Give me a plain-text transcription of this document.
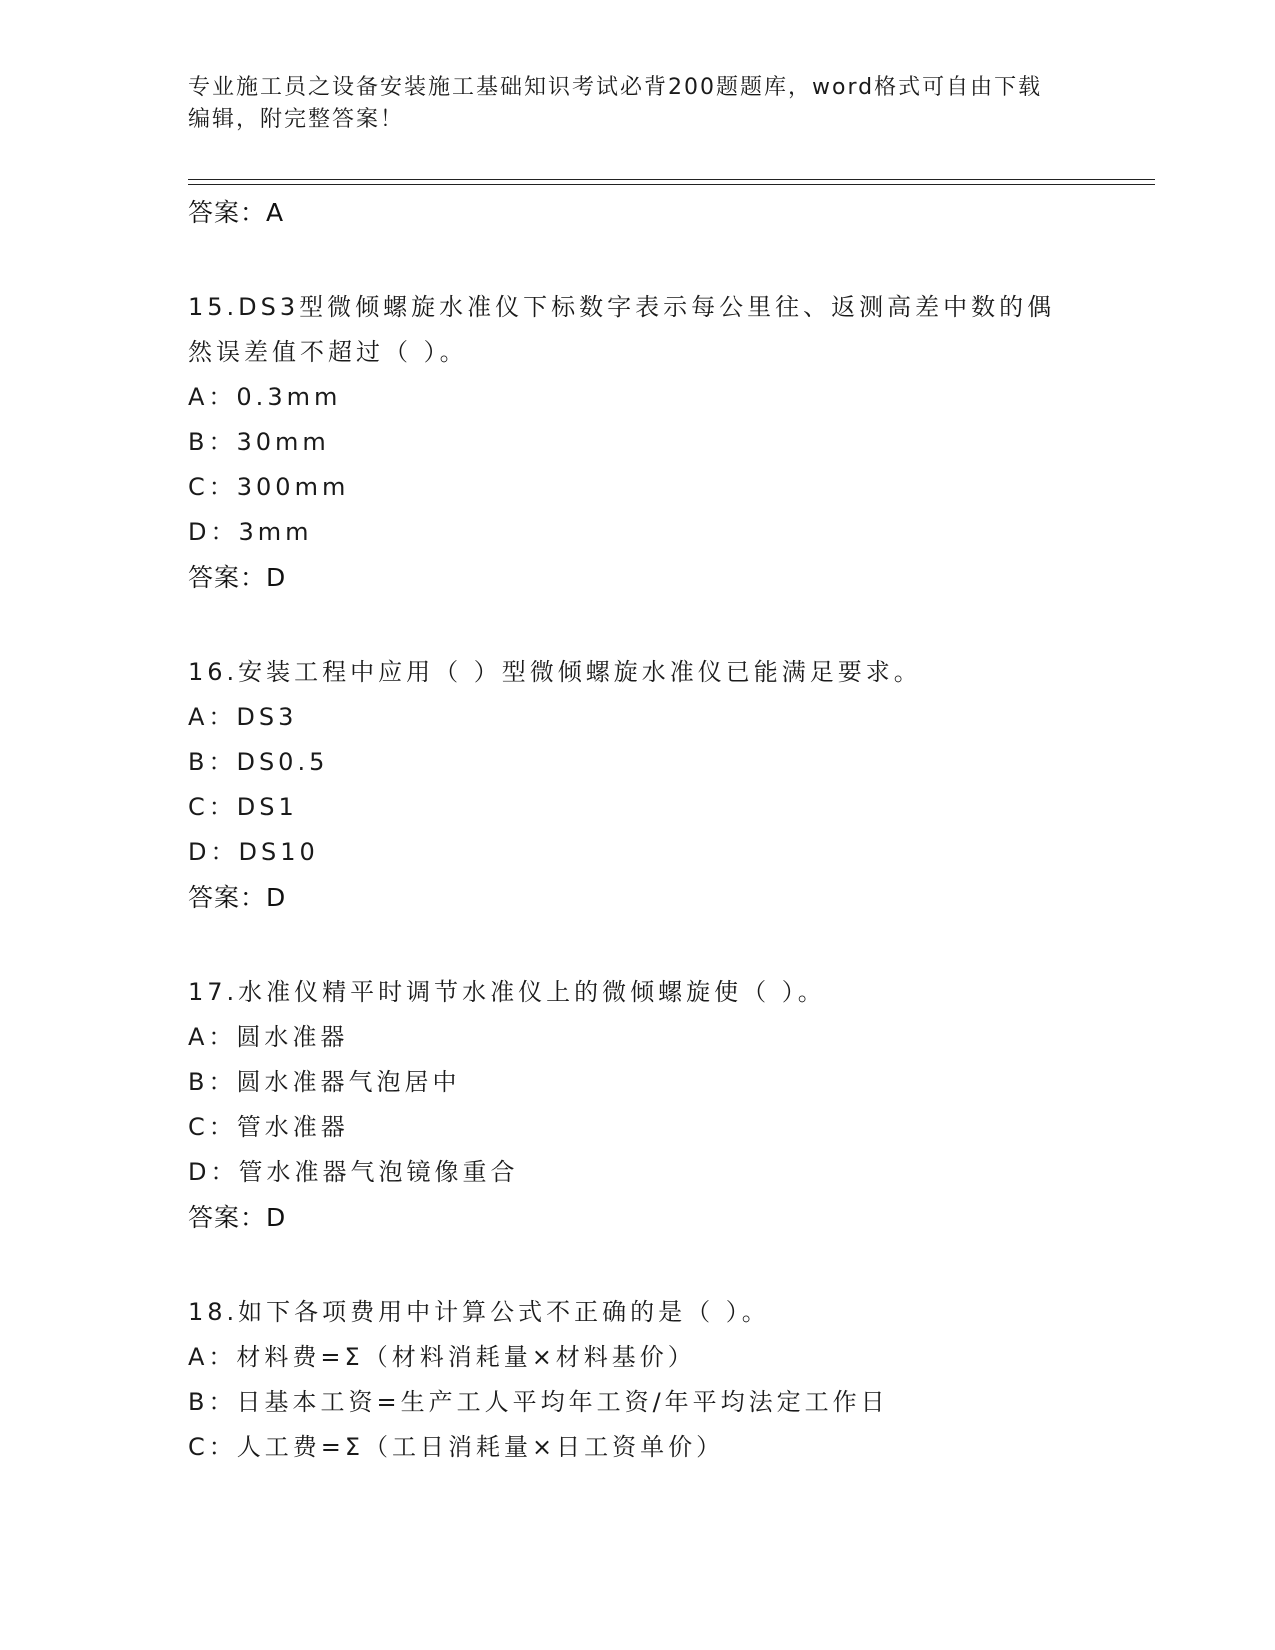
专业施工员之设备安装施工基础知识考试必背200题题库，word格式可自由下载
编辑，附完整答案！
答案：A
15.DS3型微倾螺旋水准仪下标数字表示每公里往、返测高差中数的偶
然误差值不超过（ ）。
A：0.3mm
B：30mm
C：300mm
D：3mm
答案：D
16.安装工程中应用（ ）型微倾螺旋水准仪已能满足要求。
A：DS3
B：DS0.5
C：DS1
D：DS10
答案：D
17.水准仪精平时调节水准仪上的微倾螺旋使（ ）。
A：圆水准器
B：圆水准器气泡居中
C：管水准器
D：管水准器气泡镜像重合
答案：D
18.如下各项费用中计算公式不正确的是（ ）。
A：材料费=Σ（材料消耗量×材料基价）
B：日基本工资=生产工人平均年工资/年平均法定工作日
C：人工费=Σ（工日消耗量×日工资单价）
